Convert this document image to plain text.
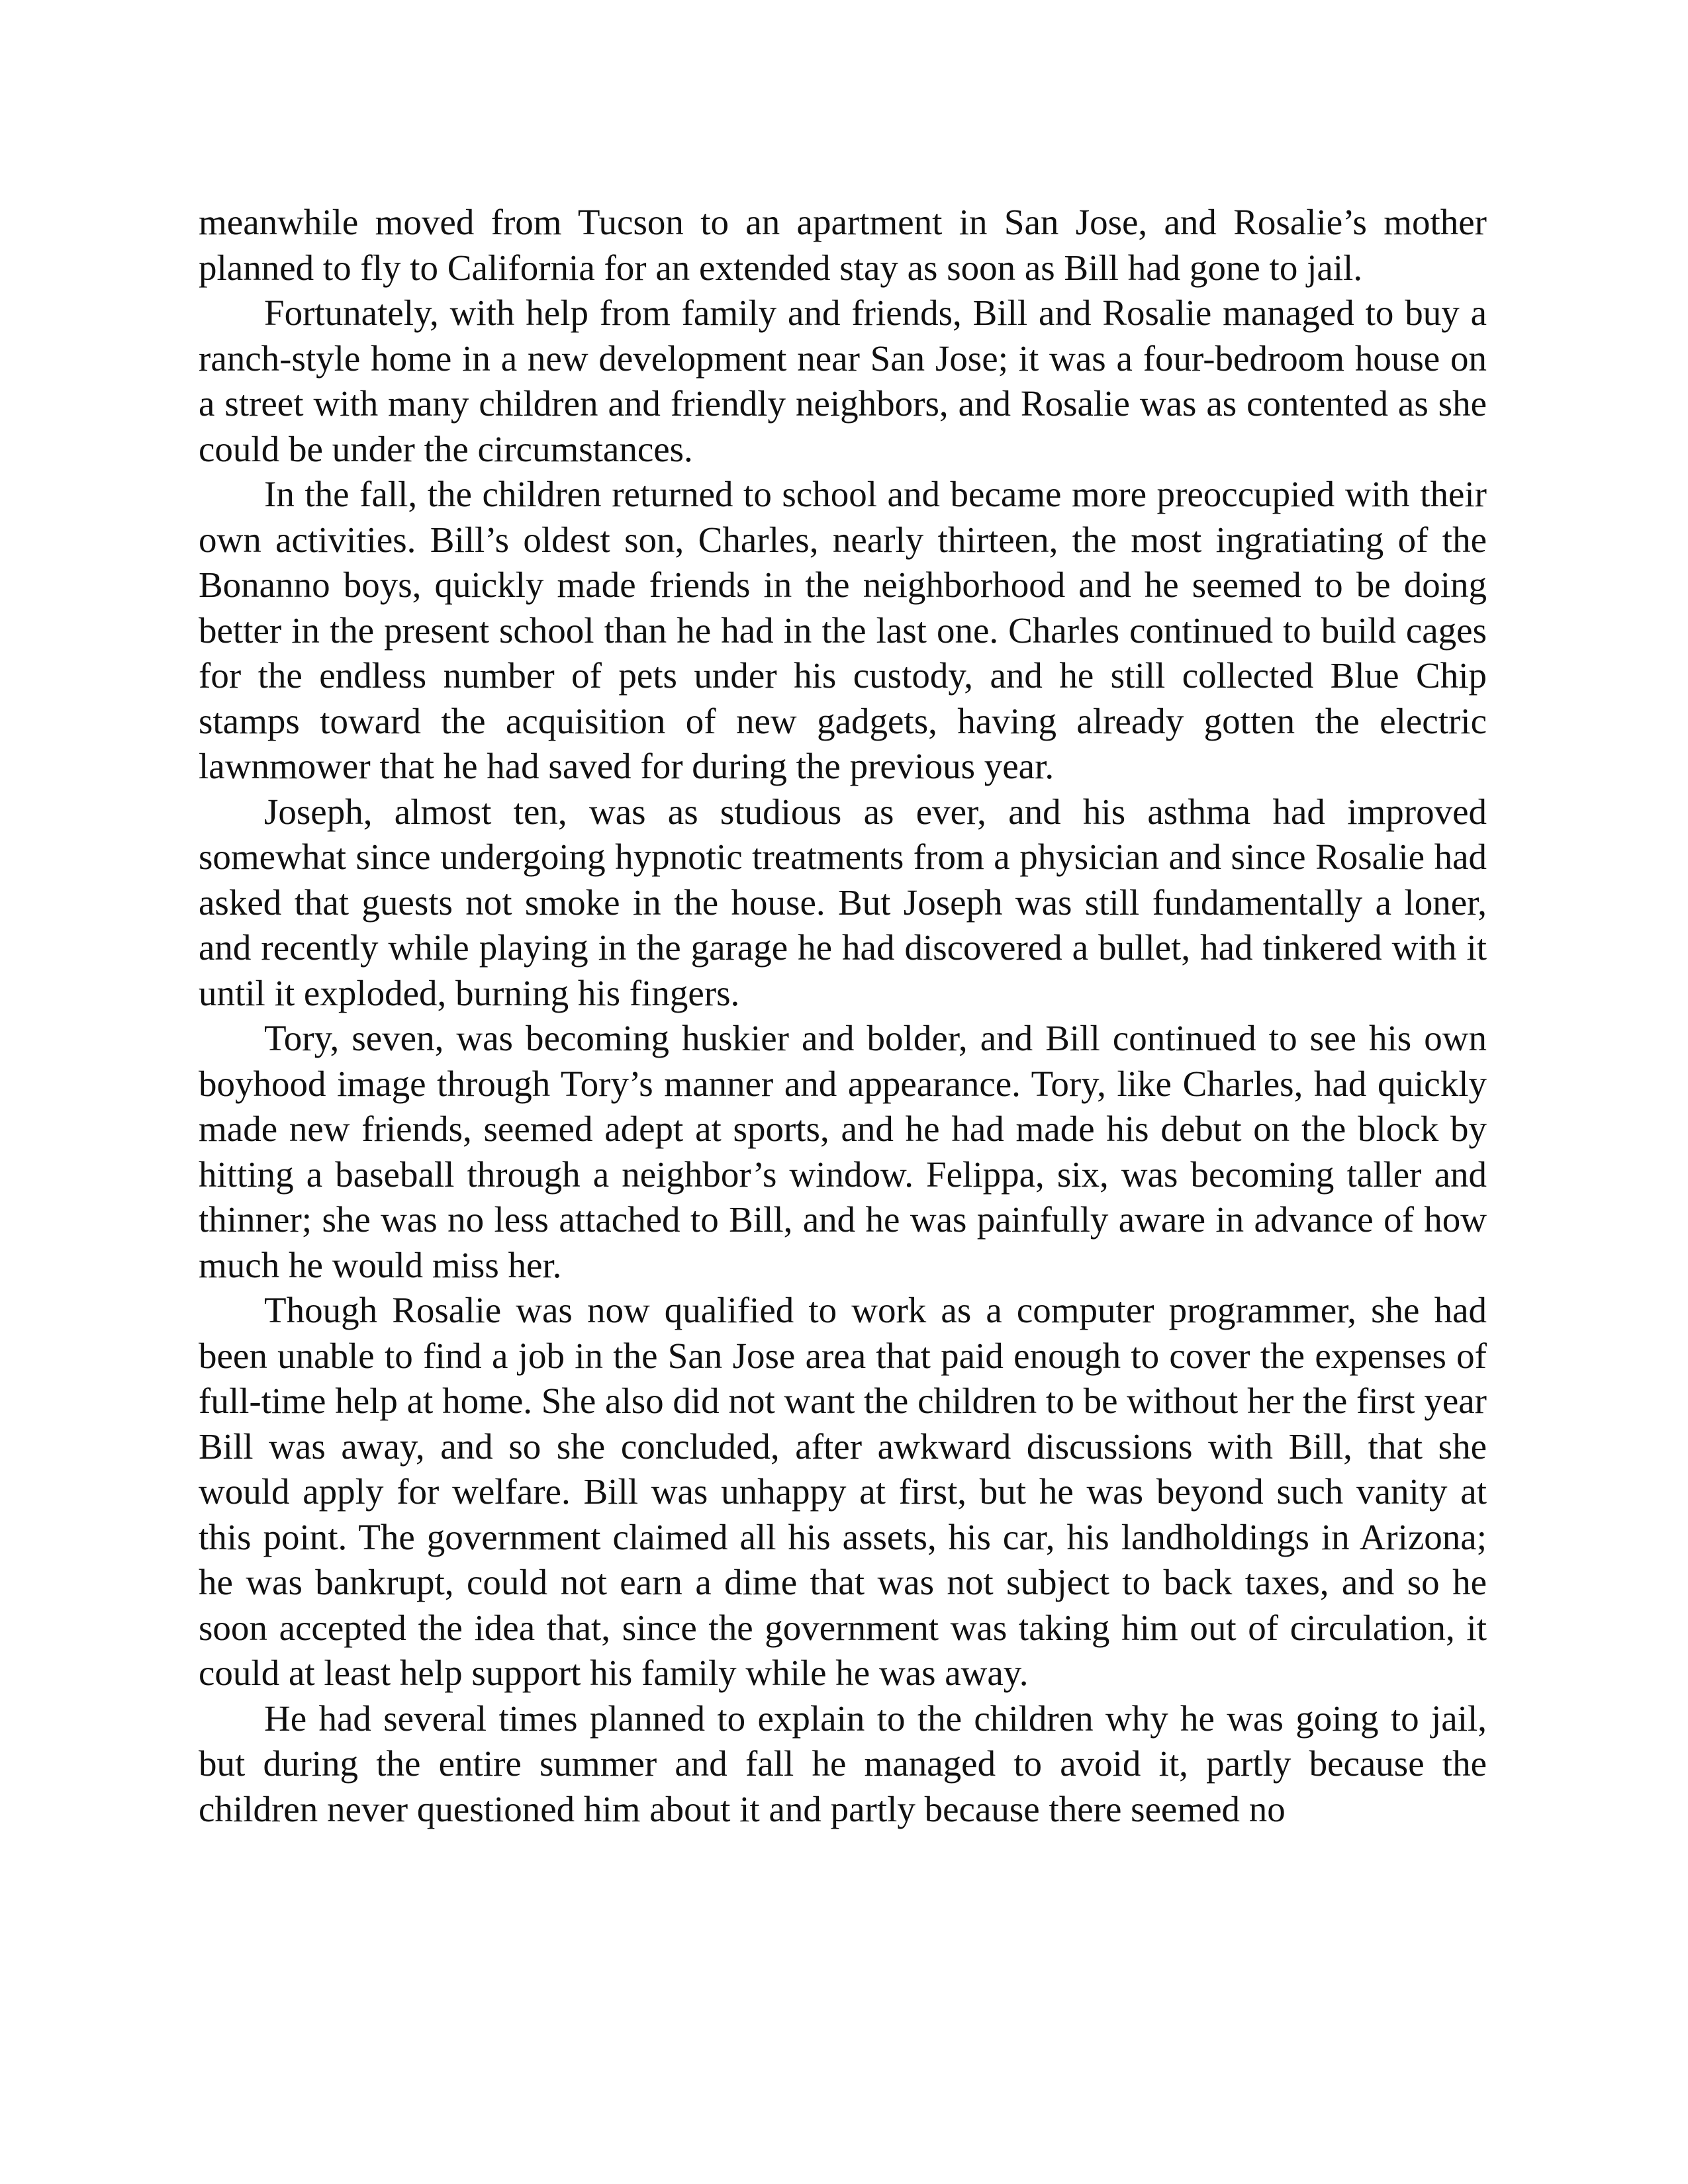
meanwhile moved from Tucson to an apartment in San Jose, and Rosalie’s mother planned to fly to California for an extended stay as soon as Bill had gone to jail.

Fortunately, with help from family and friends, Bill and Rosalie managed to buy a ranch-style home in a new development near San Jose; it was a four-bedroom house on a street with many children and friendly neighbors, and Rosalie was as contented as she could be under the circumstances.

In the fall, the children returned to school and became more preoccupied with their own activities. Bill’s oldest son, Charles, nearly thirteen, the most ingratiating of the Bonanno boys, quickly made friends in the neighborhood and he seemed to be doing better in the present school than he had in the last one. Charles continued to build cages for the endless number of pets under his custody, and he still collected Blue Chip stamps toward the acquisition of new gadgets, having already gotten the electric lawnmower that he had saved for during the previous year.

Joseph, almost ten, was as studious as ever, and his asthma had improved somewhat since undergoing hypnotic treatments from a physician and since Rosalie had asked that guests not smoke in the house. But Joseph was still fundamentally a loner, and recently while playing in the garage he had discovered a bullet, had tinkered with it until it exploded, burning his fingers.

Tory, seven, was becoming huskier and bolder, and Bill continued to see his own boyhood image through Tory’s manner and appearance. Tory, like Charles, had quickly made new friends, seemed adept at sports, and he had made his debut on the block by hitting a baseball through a neighbor’s window. Felippa, six, was becoming taller and thinner; she was no less attached to Bill, and he was painfully aware in advance of how much he would miss her.

Though Rosalie was now qualified to work as a computer programmer, she had been unable to find a job in the San Jose area that paid enough to cover the expenses of full-time help at home. She also did not want the children to be without her the first year Bill was away, and so she concluded, after awkward discussions with Bill, that she would apply for welfare. Bill was unhappy at first, but he was beyond such vanity at this point. The government claimed all his assets, his car, his landholdings in Arizona; he was bankrupt, could not earn a dime that was not subject to back taxes, and so he soon accepted the idea that, since the government was taking him out of circulation, it could at least help support his family while he was away.

He had several times planned to explain to the children why he was going to jail, but during the entire summer and fall he managed to avoid it, partly because the children never questioned him about it and partly because there seemed no
